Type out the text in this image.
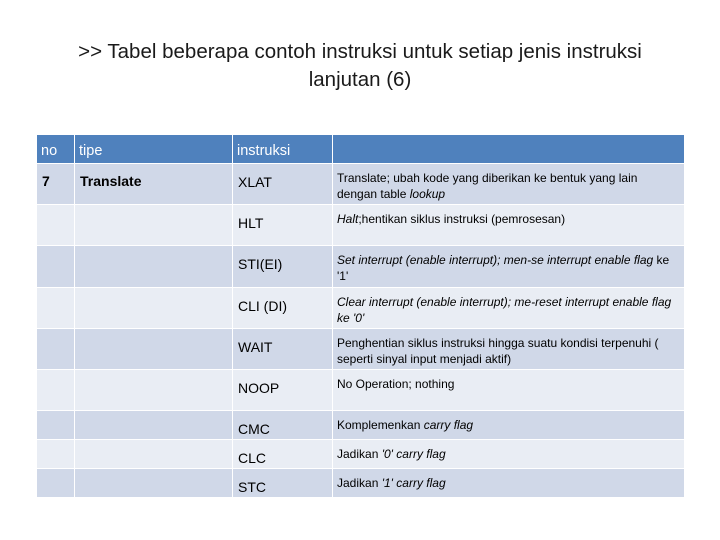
>> Tabel beberapa contoh instruksi untuk setiap jenis instruksi
lanjutan (6)
no	tipe	instruksi	
7	Translate	XLAT	Translate; ubah kode yang diberikan ke bentuk yang lain dengan table lookup
		HLT	Halt;hentikan siklus instruksi (pemrosesan)
		STI(EI)	Set interrupt (enable interrupt); men-se interrupt enable flag ke '1'
		CLI (DI)	Clear interrupt (enable interrupt); me-reset interrupt enable flag ke '0'
		WAIT	Penghentian siklus instruksi hingga suatu kondisi terpenuhi ( seperti sinyal input menjadi aktif)
		NOOP	No Operation; nothing
		CMC	Komplemenkan carry flag
		CLC	Jadikan '0' carry flag
		STC	Jadikan '1' carry flag
